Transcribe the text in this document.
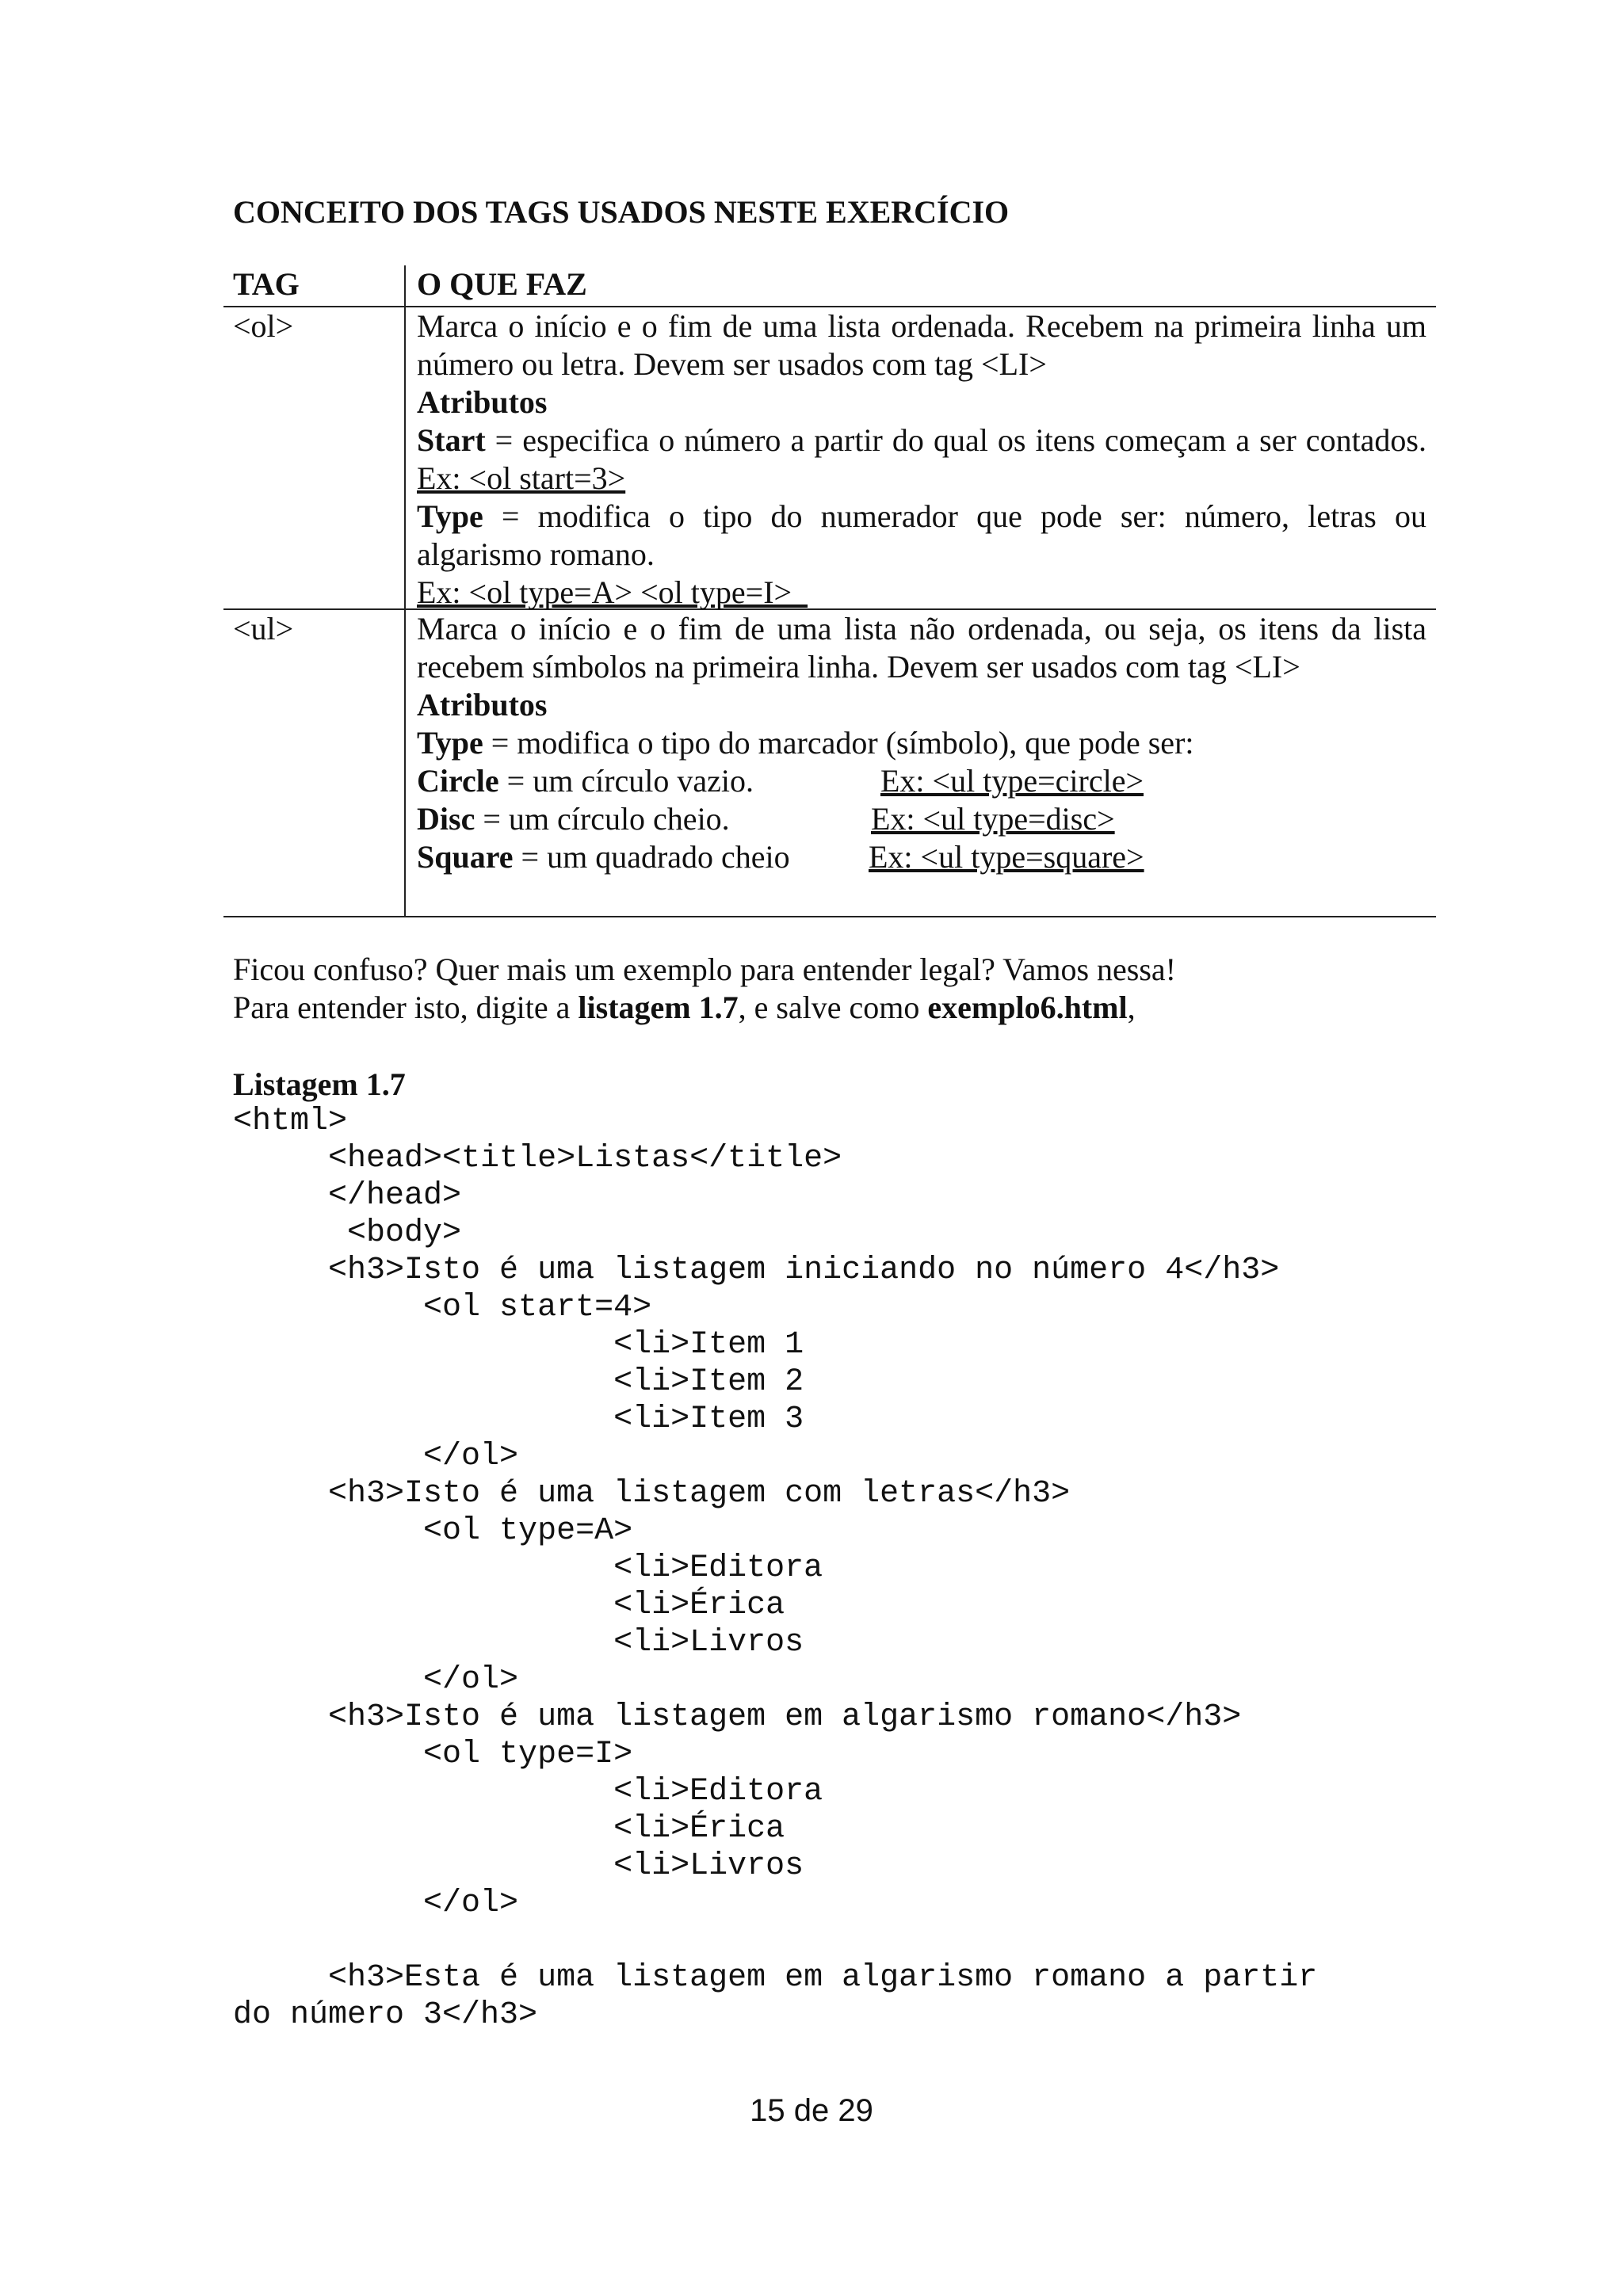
CONCEITO DOS TAGS USADOS NESTE EXERCÍCIO
TAG	O QUE FAZ
<ol>	Marca o início e o fim de uma lista ordenada. Recebem na primeira linha um número ou letra. Devem ser usados com tag <LI>
Atributos
Start = especifica o número a partir do qual os itens começam a ser contados. Ex: <ol start=3>
Type = modifica o tipo do numerador que pode ser: número, letras ou algarismo romano.
Ex: <ol type=A> <ol type=I>
<ul>	Marca o início e o fim de uma lista não ordenada, ou seja, os itens da lista recebem símbolos na primeira linha. Devem ser usados com tag <LI>
Atributos
Type = modifica o tipo do marcador (símbolo), que pode ser:
Circle = um círculo vazio.	Ex: <ul type=circle>
Disc = um círculo cheio.	Ex: <ul type=disc>
Square = um quadrado cheio Ex: <ul type=square>

Ficou confuso? Quer mais um exemplo para entender legal? Vamos nessa!

Para entender isto, digite a listagem 1.7, e salve como exemplo6.html,

Listagem 1.7
<html>
<head><title>Listas</title>
</head>
<body>
<h3>Isto é uma listagem iniciando no número 4</h3>
<ol start=4>
<li>Item 1
<li>Item 2
<li>Item 3
</ol>
<h3>Isto é uma listagem com letras</h3>
<ol type=A>
<li>Editora
<li>Érica
<li>Livros
</ol>
<h3>Isto é uma listagem em algarismo romano</h3>
<ol type=I>
<li>Editora
<li>Érica
<li>Livros
</ol>

<h3>Esta é uma listagem em algarismo romano a partir
do número 3</h3>
15 de 29
